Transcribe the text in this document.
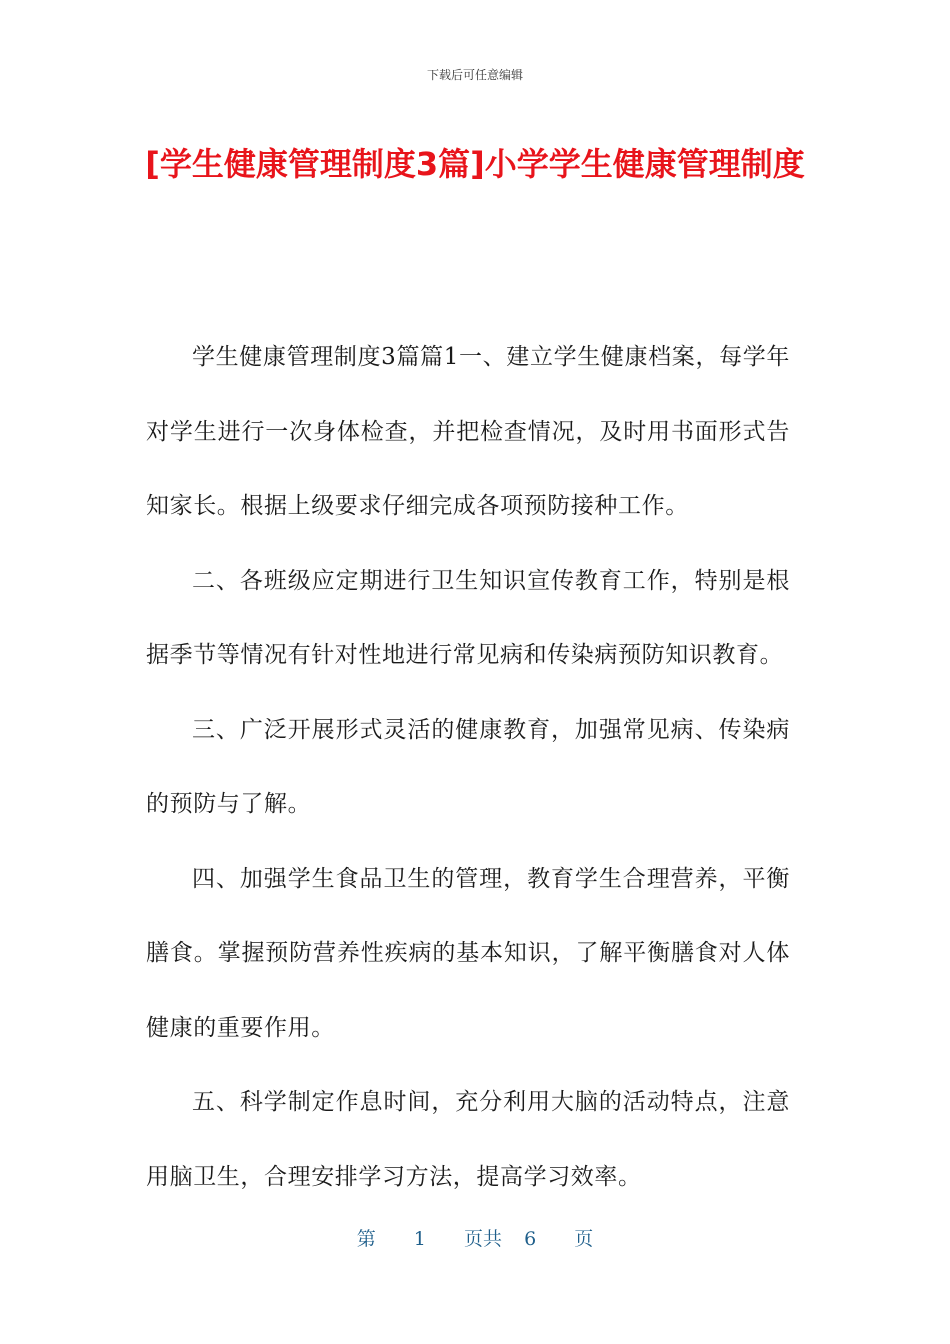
下载后可任意编辑
[学生健康管理制度3篇]小学学生健康管理制度

学生健康管理制度3篇篇1一、建立学生健康档案，每学年对学生进行一次身体检查，并把检查情况，及时用书面形式告知家长。根据上级要求仔细完成各项预防接种工作。

二、各班级应定期进行卫生知识宣传教育工作，特别是根据季节等情况有针对性地进行常见病和传染病预防知识教育。

三、广泛开展形式灵活的健康教育，加强常见病、传染病的预防与了解。

四、加强学生食品卫生的管理，教育学生合理营养，平衡膳食。掌握预防营养性疾病的基本知识，了解平衡膳食对人体健康的重要作用。

五、科学制定作息时间，充分利用大脑的活动特点，注意用脑卫生，合理安排学习方法，提高学习效率。

第 1 页共 6 页
